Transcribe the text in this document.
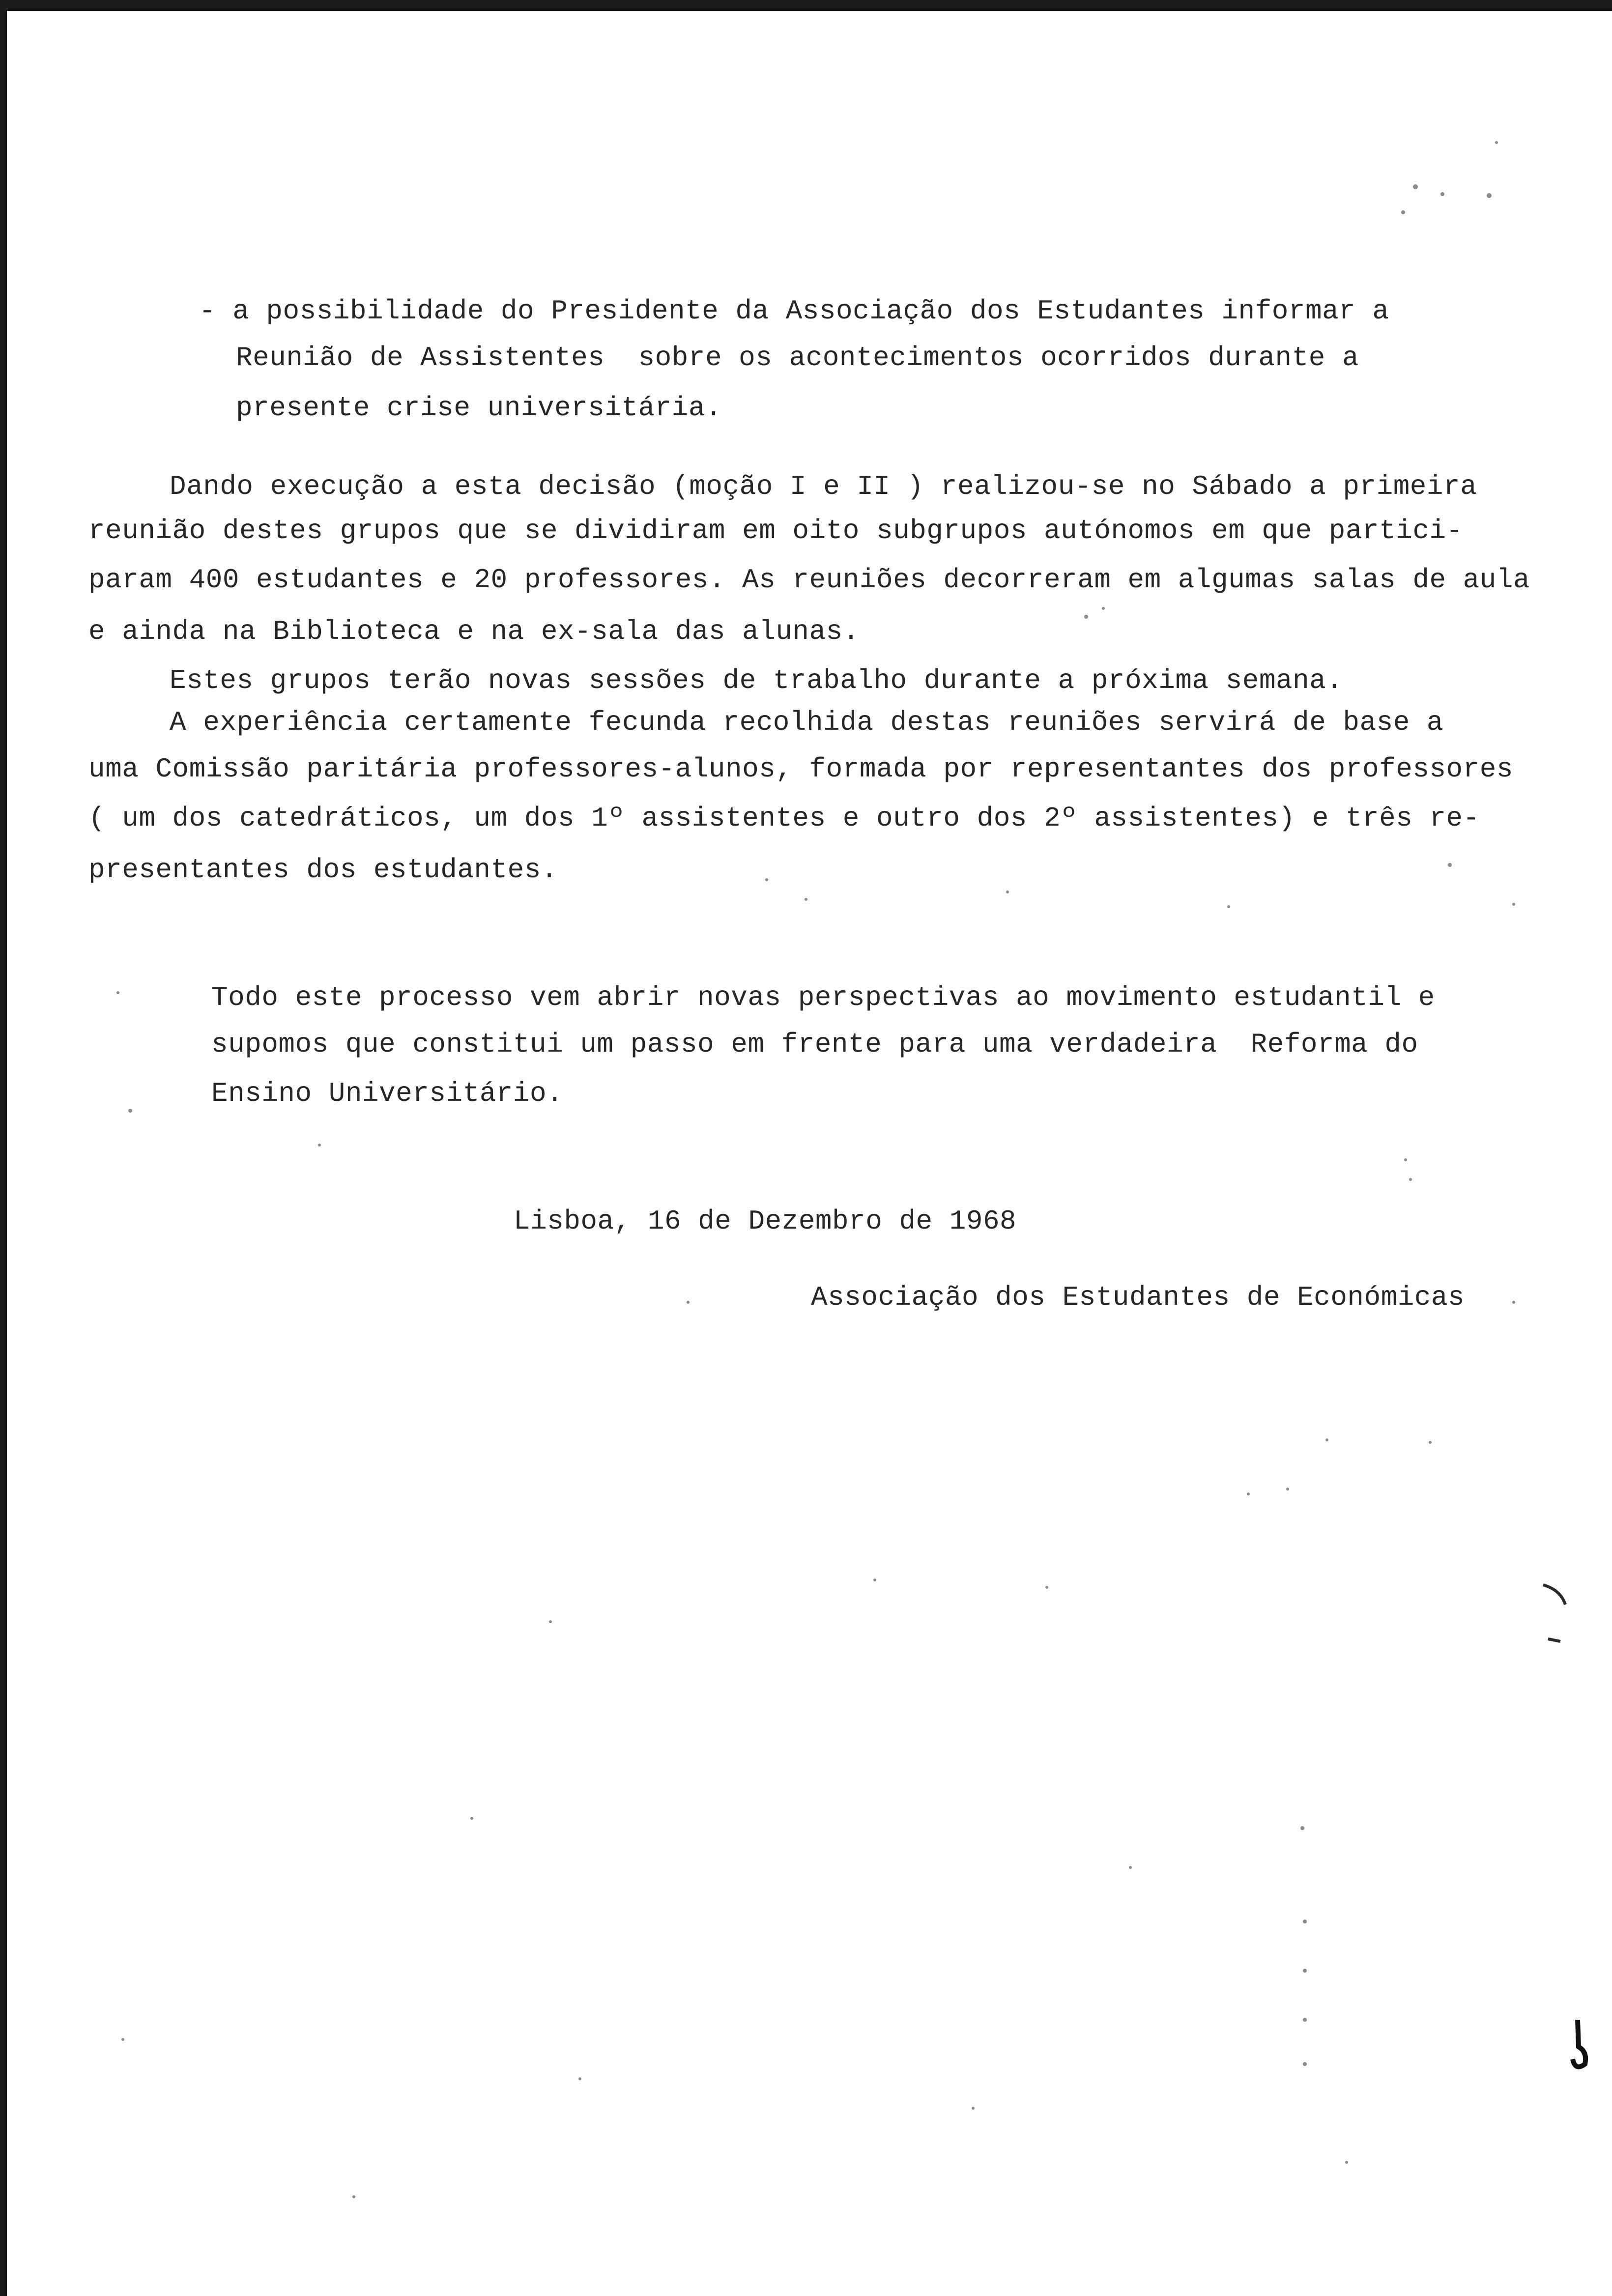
- a possibilidade do Presidente da Associação dos Estudantes informar a
Reunião de Assistentes  sobre os acontecimentos ocorridos durante a
presente crise universitária.
Dando execução a esta decisão (moção I e II ) realizou-se no Sábado a primeira
reunião destes grupos que se dividiram em oito subgrupos autónomos em que partici-
param 400 estudantes e 20 professores. As reuniões decorreram em algumas salas de aula
e ainda na Biblioteca e na ex-sala das alunas.
Estes grupos terão novas sessões de trabalho durante a próxima semana.
A experiência certamente fecunda recolhida destas reuniões servirá de base a
uma Comissão paritária professores-alunos, formada por representantes dos professores
( um dos catedráticos, um dos 1º assistentes e outro dos 2º assistentes) e três re-
presentantes dos estudantes.
Todo este processo vem abrir novas perspectivas ao movimento estudantil e
supomos que constitui um passo em frente para uma verdadeira  Reforma do
Ensino Universitário.
Lisboa, 16 de Dezembro de 1968
Associação dos Estudantes de Económicas
